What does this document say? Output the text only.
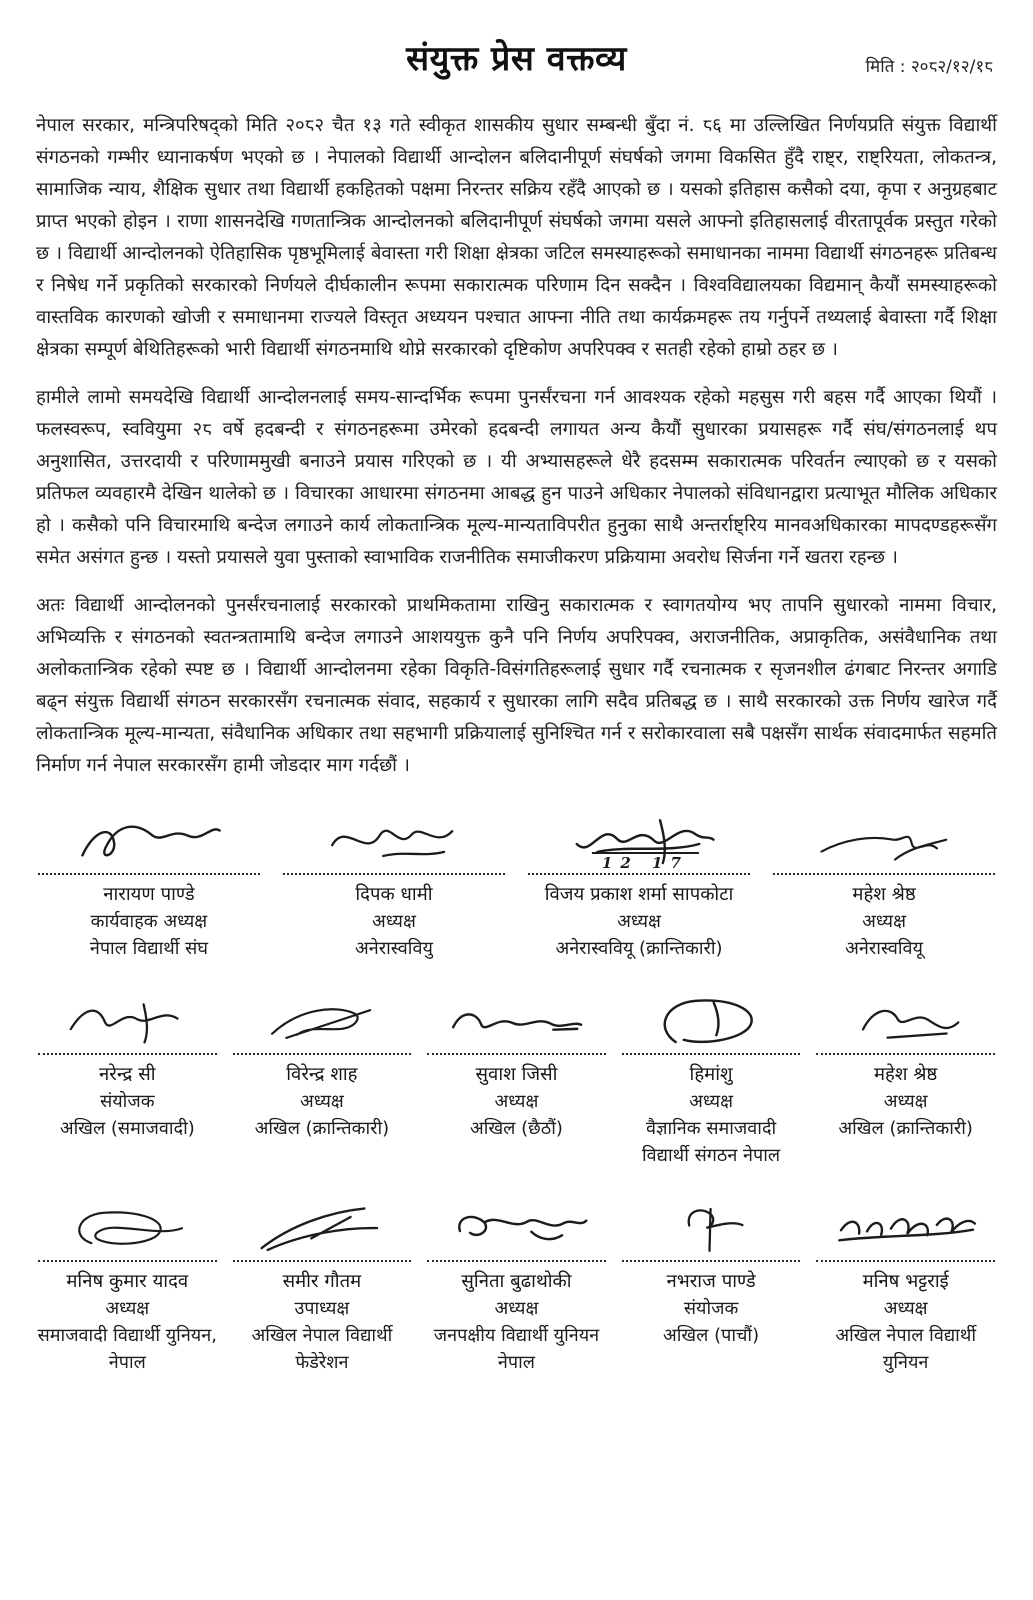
संयुक्त प्रेस वक्तव्य	मिति : २०८२/१२/१८

नेपाल सरकार, मन्त्रिपरिषद्को मिति २०८२ चैत १३ गते स्वीकृत शासकीय सुधार सम्बन्धी बुँदा नं. ८६ मा उल्लिखित निर्णयप्रति संयुक्त विद्यार्थी संगठनको गम्भीर ध्यानाकर्षण भएको छ । नेपालको विद्यार्थी आन्दोलन बलिदानीपूर्ण संघर्षको जगमा विकसित हुँदै राष्ट्र, राष्ट्रियता, लोकतन्त्र, सामाजिक न्याय, शैक्षिक सुधार तथा विद्यार्थी हकहितको पक्षमा निरन्तर सक्रिय रहँदै आएको छ । यसको इतिहास कसैको दया, कृपा र अनुग्रहबाट प्राप्त भएको होइन । राणा शासनदेखि गणतान्त्रिक आन्दोलनको बलिदानीपूर्ण संघर्षको जगमा यसले आफ्नो इतिहासलाई वीरतापूर्वक प्रस्तुत गरेको छ । विद्यार्थी आन्दोलनको ऐतिहासिक पृष्ठभूमिलाई बेवास्ता गरी शिक्षा क्षेत्रका जटिल समस्याहरूको समाधानका नाममा विद्यार्थी संगठनहरू प्रतिबन्ध र निषेध गर्ने प्रकृतिको सरकारको निर्णयले दीर्घकालीन रूपमा सकारात्मक परिणाम दिन सक्दैन । विश्वविद्यालयका विद्यमान् कैयौं समस्याहरूको वास्तविक कारणको खोजी र समाधानमा राज्यले विस्तृत अध्ययन पश्चात आफ्ना नीति तथा कार्यक्रमहरू तय गर्नुपर्ने तथ्यलाई बेवास्ता गर्दै शिक्षा क्षेत्रका सम्पूर्ण बेथितिहरूको भारी विद्यार्थी संगठनमाथि थोप्ने सरकारको दृष्टिकोण अपरिपक्व र सतही रहेको हाम्रो ठहर छ ।

हामीले लामो समयदेखि विद्यार्थी आन्दोलनलाई समय-सान्दर्भिक रूपमा पुनर्संरचना गर्न आवश्यक रहेको महसुस गरी बहस गर्दै आएका थियौं । फलस्वरूप, स्ववियुमा २८ वर्षे हदबन्दी र संगठनहरूमा उमेरको हदबन्दी लगायत अन्य कैयौं सुधारका प्रयासहरू गर्दै संघ/संगठनलाई थप अनुशासित, उत्तरदायी र परिणाममुखी बनाउने प्रयास गरिएको छ । यी अभ्यासहरूले धेरै हदसम्म सकारात्मक परिवर्तन ल्याएको छ र यसको प्रतिफल व्यवहारमै देखिन थालेको छ । विचारका आधारमा संगठनमा आबद्ध हुन पाउने अधिकार नेपालको संविधानद्वारा प्रत्याभूत मौलिक अधिकार हो । कसैको पनि विचारमाथि बन्देज लगाउने कार्य लोकतान्त्रिक मूल्य-मान्यताविपरीत हुनुका साथै अन्तर्राष्ट्रिय मानवअधिकारका मापदण्डहरूसँग समेत असंगत हुन्छ । यस्तो प्रयासले युवा पुस्ताको स्वाभाविक राजनीतिक समाजीकरण प्रक्रियामा अवरोध सिर्जना गर्ने खतरा रहन्छ ।

अतः विद्यार्थी आन्दोलनको पुनर्संरचनालाई सरकारको प्राथमिकतामा राखिनु सकारात्मक र स्वागतयोग्य भए तापनि सुधारको नाममा विचार, अभिव्यक्ति र संगठनको स्वतन्त्रतामाथि बन्देज लगाउने आशययुक्त कुनै पनि निर्णय अपरिपक्व, अराजनीतिक, अप्राकृतिक, असंवैधानिक तथा अलोकतान्त्रिक रहेको स्पष्ट छ । विद्यार्थी आन्दोलनमा रहेका विकृति-विसंगतिहरूलाई सुधार गर्दै रचनात्मक र सृजनशील ढंगबाट निरन्तर अगाडि बढ्न संयुक्त विद्यार्थी संगठन सरकारसँग रचनात्मक संवाद, सहकार्य र सुधारका लागि सदैव प्रतिबद्ध छ । साथै सरकारको उक्त निर्णय खारेज गर्दै लोकतान्त्रिक मूल्य-मान्यता, संवैधानिक अधिकार तथा सहभागी प्रक्रियालाई सुनिश्चित गर्न र सरोकारवाला सबै पक्षसँग सार्थक संवादमार्फत सहमति निर्माण गर्न नेपाल सरकारसँग हामी जोडदार माग गर्दछौं ।

नारायण पाण्डे
कार्यवाहक अध्यक्ष
नेपाल विद्यार्थी संघ
दिपक धामी
अध्यक्ष
अनेरास्ववियु
12 17
विजय प्रकाश शर्मा सापकोटा
अध्यक्ष
अनेरास्ववियू (क्रान्तिकारी)
महेश श्रेष्ठ
अध्यक्ष
अनेरास्ववियू
नरेन्द्र सी
संयोजक
अखिल (समाजवादी)
विरेन्द्र शाह
अध्यक्ष
अखिल (क्रान्तिकारी)
सुवाश जिसी
अध्यक्ष
अखिल (छैठौं)
हिमांशु
अध्यक्ष
वैज्ञानिक समाजवादी विद्यार्थी संगठन नेपाल
महेश श्रेष्ठ
अध्यक्ष
अखिल (क्रान्तिकारी)
मनिष कुमार यादव
अध्यक्ष
समाजवादी विद्यार्थी युनियन, नेपाल
समीर गौतम
उपाध्यक्ष
अखिल नेपाल विद्यार्थी फेडेरेशन
सुनिता बुढाथोकी
अध्यक्ष
जनपक्षीय विद्यार्थी युनियन नेपाल
नभराज पाण्डे
संयोजक
अखिल (पाचौं)
मनिष भट्टराई
अध्यक्ष
अखिल नेपाल विद्यार्थी युनियन
